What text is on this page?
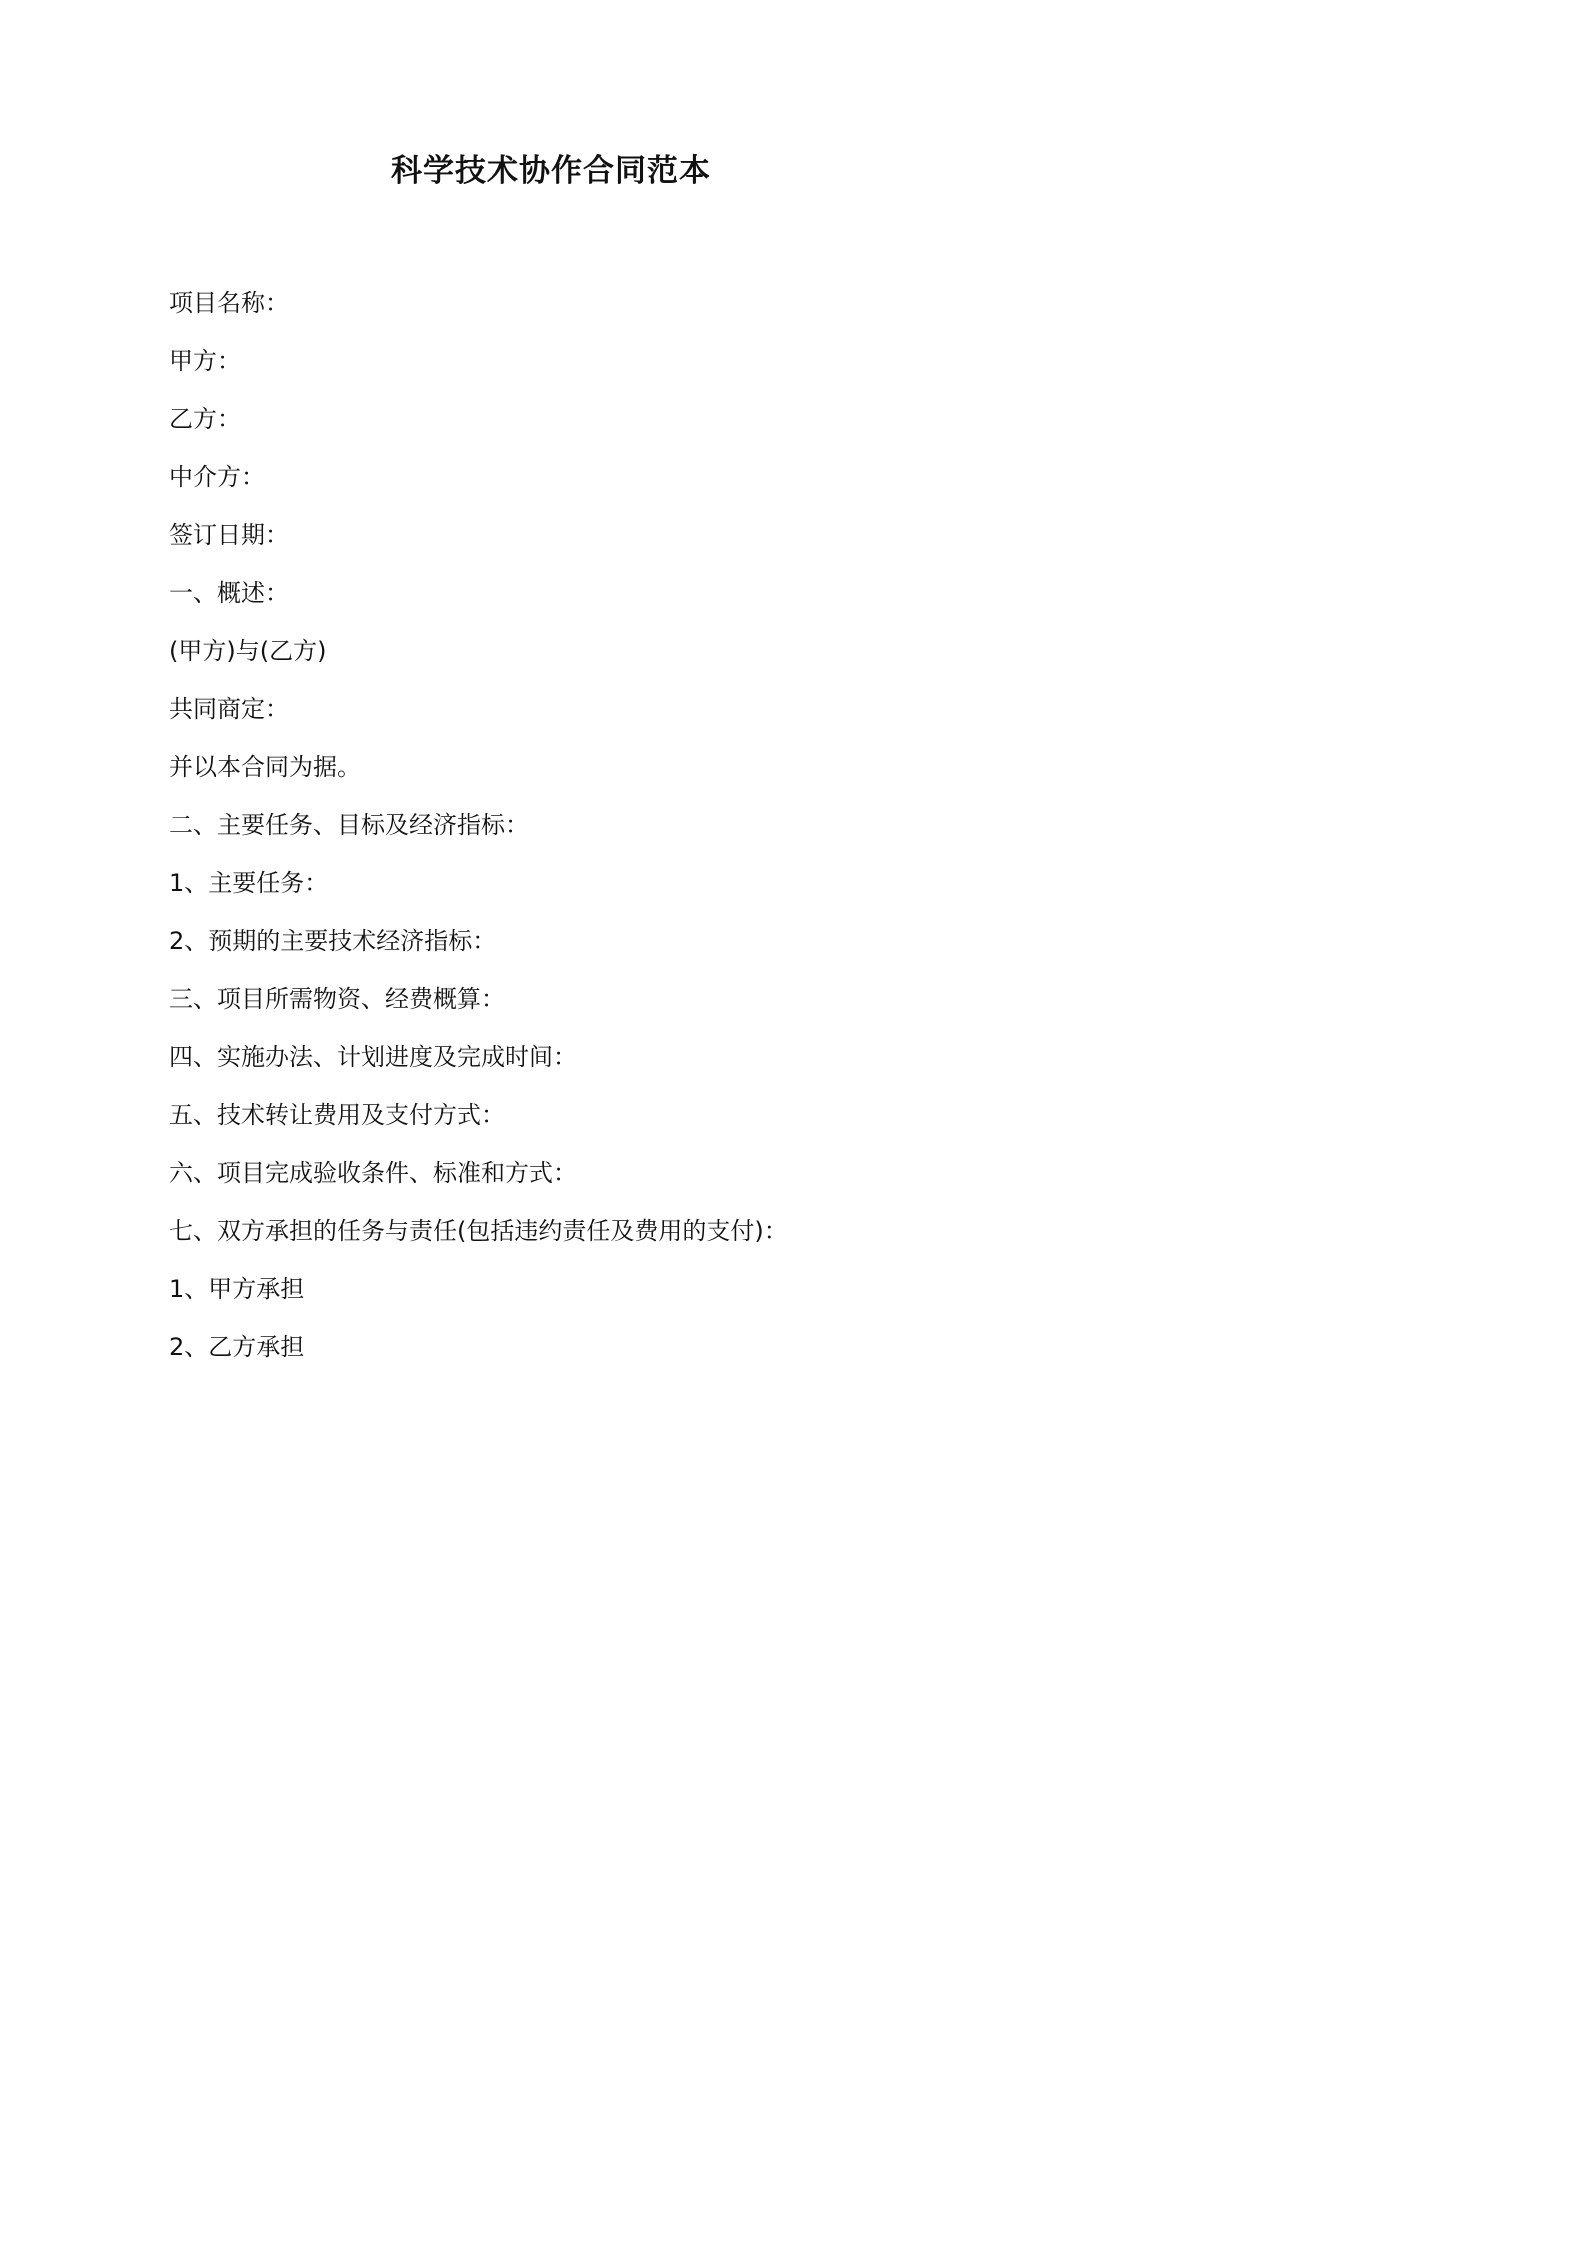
科学技术协作合同范本
项目名称：
甲方：
乙方：
中介方：
签订日期：
一、概述：
(甲方)与(乙方)
共同商定：
并以本合同为据。
二、主要任务、目标及经济指标：
1、主要任务：
2、预期的主要技术经济指标：
三、项目所需物资、经费概算：
四、实施办法、计划进度及完成时间：
五、技术转让费用及支付方式：
六、项目完成验收条件、标准和方式：
七、双方承担的任务与责任(包括违约责任及费用的支付)：
1、甲方承担
2、乙方承担
